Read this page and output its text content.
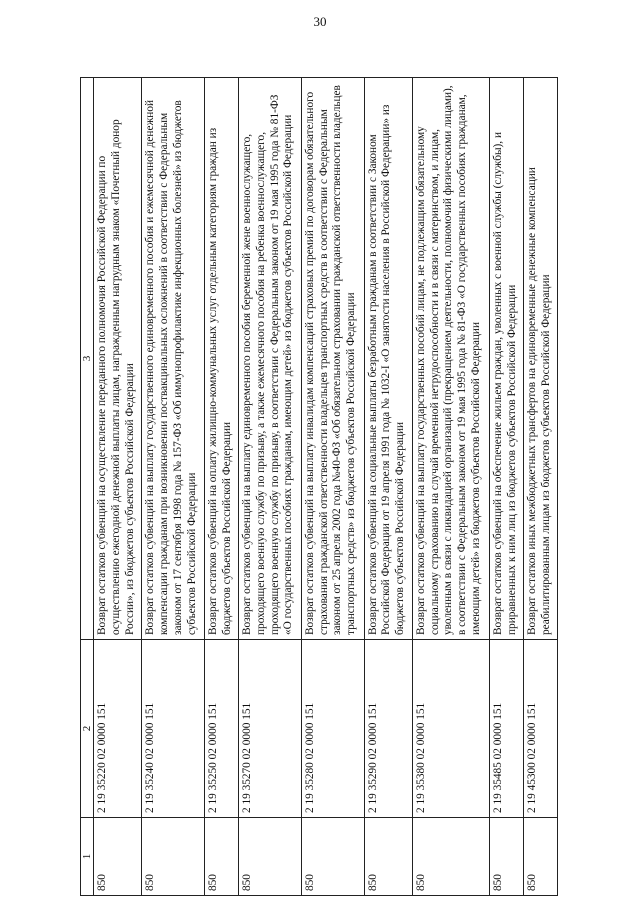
30
1	2	3
850	2 19 35220 02 0000 151	Возврат остатков субвенций на осуществление переданного полномочия Российской Федерации по осуществлению ежегодной денежной выплаты лицам, награжденным нагрудным знаком «Почетный донор России», из бюджетов субъектов Российской Федерации
850	2 19 35240 02 0000 151	Возврат остатков субвенций на выплату государственного единовременного пособия и ежемесячной денежной компенсации гражданам при возникновении поствакцинальных осложнений в соответствии с Федеральным законом от 17 сентября 1998 года № 157-ФЗ «Об иммунопрофилактике инфекционных болезней» из бюджетов субъектов Российской Федерации
850	2 19 35250 02 0000 151	Возврат остатков субвенций на оплату жилищно-коммунальных услуг отдельным категориям граждан из бюджетов субъектов Российской Федерации
850	2 19 35270 02 0000 151	Возврат остатков субвенций на выплату единовременного пособия беременной жене военнослужащего, проходящего военную службу по призыву, а также ежемесячного пособия на ребенка военнослужащего, проходящего военную службу по призыву, в соответствии с Федеральным законом от 19 мая 1995 года № 81-ФЗ «О государственных пособиях гражданам, имеющим детей» из бюджетов субъектов Российской Федерации
850	2 19 35280 02 0000 151	Возврат остатков субвенций на выплату инвалидам компенсаций страховых премий по договорам обязательного страхования гражданской ответственности владельцев транспортных средств в соответствии с Федеральным законом от 25 апреля 2002 года №40-ФЗ «Об обязательном страховании гражданской ответственности владельцев транспортных средств» из бюджетов субъектов Российской Федерации
850	2 19 35290 02 0000 151	Возврат остатков субвенций на социальные выплаты безработным гражданам в соответствии с Законом Российской Федерации от 19 апреля 1991 года № 1032-I «О занятости населения в Российской Федерации» из бюджетов субъектов Российской Федерации
850	2 19 35380 02 0000 151	Возврат остатков субвенций на выплату государственных пособий лицам, не подлежащим обязательному социальному страхованию на случай временной нетрудоспособности и в связи с материнством, и лицам, уволенным в связи с ликвидацией организаций (прекращением деятельности, полномочий физическими лицами), в соответствии с Федеральным законом от 19 мая 1995 года № 81-ФЗ «О государственных пособиях гражданам, имеющим детей» из бюджетов субъектов Российской Федерации
850	2 19 35485 02 0000 151	Возврат остатков субвенций на обеспечение жильем граждан, уволенных с военной службы (службы), и приравненных к ним лиц из бюджетов субъектов Российской Федерации
850	2 19 45300 02 0000 151	Возврат остатков иных межбюджетных трансфертов на единовременные денежные компенсации реабилитированным лицам из бюджетов субъектов Российской Федерации
